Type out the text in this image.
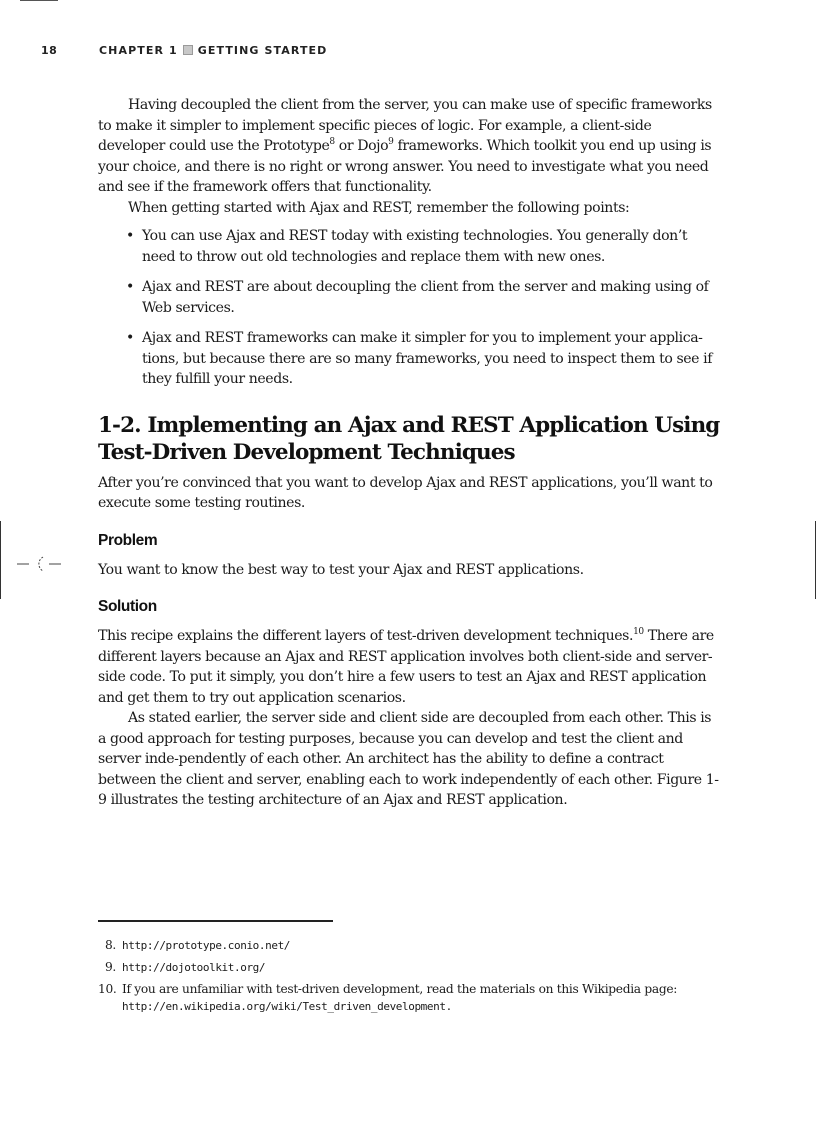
18	CHAPTER 1 GETTING STARTED

Having decoupled the client from the server, you can make use of specific frameworks to make it simpler to implement specific pieces of logic. For example, a client-side developer could use the Prototype$^8$ or Dojo$^9$ frameworks. Which toolkit you end up using is your choice, and there is no right or wrong answer. You need to investigate what you need and see if the framework offers that functionality.

When getting started with Ajax and REST, remember the following points:

• You can use Ajax and REST today with existing technologies. You generally don’t need to throw out old technologies and replace them with new ones.
• Ajax and REST are about decoupling the client from the server and making using of Web services.
• Ajax and REST frameworks can make it simpler for you to implement your applica-tions, but because there are so many frameworks, you need to inspect them to see if they fulfill your needs.
1-2. Implementing an Ajax and REST Application Using
Test-Driven Development Techniques

After you’re convinced that you want to develop Ajax and REST applications, you’ll want to execute some testing routines.

Problem

You want to know the best way to test your Ajax and REST applications.

Solution

This recipe explains the different layers of test-driven development techniques.$^{10}$ There are different layers because an Ajax and REST application involves both client-side and server-side code. To put it simply, you don’t hire a few users to test an Ajax and REST application and get them to try out application scenarios.

As stated earlier, the server side and client side are decoupled from each other. This is a good approach for testing purposes, because you can develop and test the client and server inde-pendently of each other. An architect has the ability to define a contract between the client and server, enabling each to work independently of each other. Figure 1-9 illustrates the testing architecture of an Ajax and REST application.

8. http://prototype.conio.net/
9. http://dojotoolkit.org/
10. If you are unfamiliar with test-driven development, read the materials on this Wikipedia page:
http://en.wikipedia.org/wiki/Test_driven_development.
